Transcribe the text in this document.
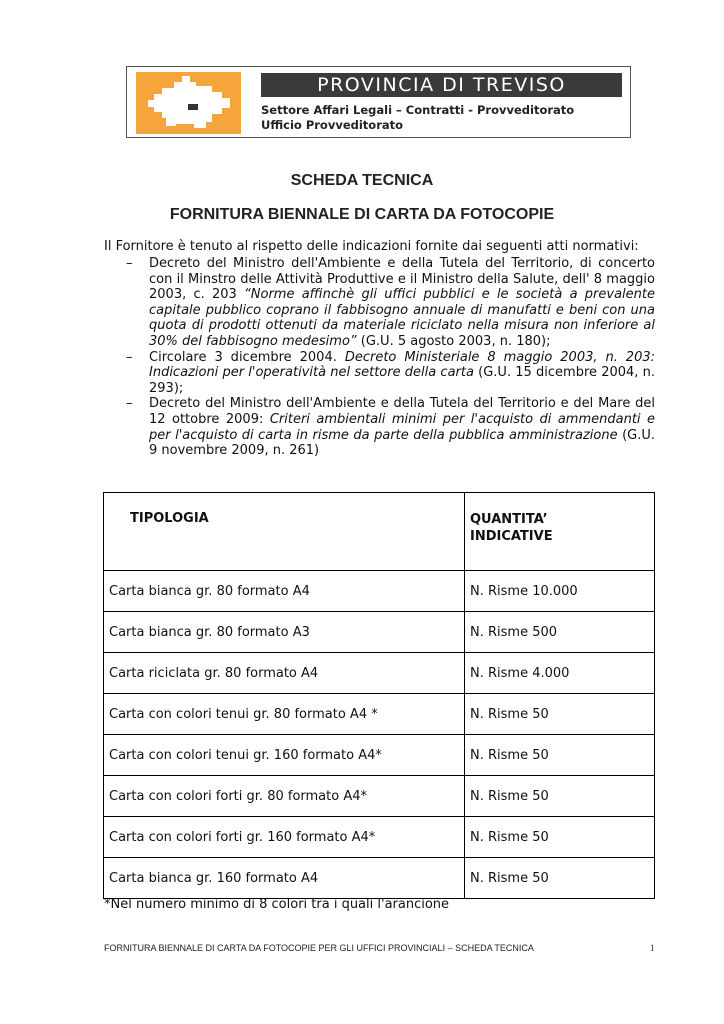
PROVINCIA DI TREVISO
Settore Affari Legali – Contratti - Provveditorato
Ufficio Provveditorato
SCHEDA TECNICA
FORNITURA BIENNALE DI CARTA DA FOTOCOPIE
Il Fornitore è tenuto al rispetto delle indicazioni fornite dai seguenti atti normativi:
– Decreto del Ministro dell'Ambiente e della Tutela del Territorio, di concerto con il Minstro delle Attività Produttive e il Ministro della Salute, dell' 8 maggio 2003, c. 203 “Norme affinchè gli uffici pubblici e le società a prevalente capitale pubblico coprano il fabbisogno annuale di manufatti e beni con una quota di prodotti ottenuti da materiale riciclato nella misura non inferiore al 30% del fabbisogno medesimo” (G.U. 5 agosto 2003, n. 180);
– Circolare 3 dicembre 2004. Decreto Ministeriale 8 maggio 2003, n. 203: Indicazioni per l'operatività nel settore della carta (G.U. 15 dicembre 2004, n. 293);
– Decreto del Ministro dell'Ambiente e della Tutela del Territorio e del Mare del 12 ottobre 2009: Criteri ambientali minimi per l'acquisto di ammendanti e per l'acquisto di carta in risme da parte della pubblica amministrazione (G.U. 9 novembre 2009, n. 261)
TIPOLOGIA	QUANTITA’
INDICATIVE

Carta bianca gr. 80 formato A4	N. Risme 10.000
Carta bianca gr. 80 formato A3	N. Risme 500
Carta riciclata gr. 80 formato A4	N. Risme 4.000
Carta con colori tenui gr. 80 formato A4 *	N. Risme 50
Carta con colori tenui gr. 160 formato A4*	N. Risme 50
Carta con colori forti gr. 80 formato A4*	N. Risme 50
Carta con colori forti gr. 160 formato A4*	N. Risme 50
Carta bianca gr. 160 formato A4	N. Risme 50
*Nel numero minimo di 8 colori tra i quali l'arancione
FORNITURA BIENNALE DI CARTA DA FOTOCOPIE PER GLI UFFICI PROVINCIALI – SCHEDA TECNICA	1
